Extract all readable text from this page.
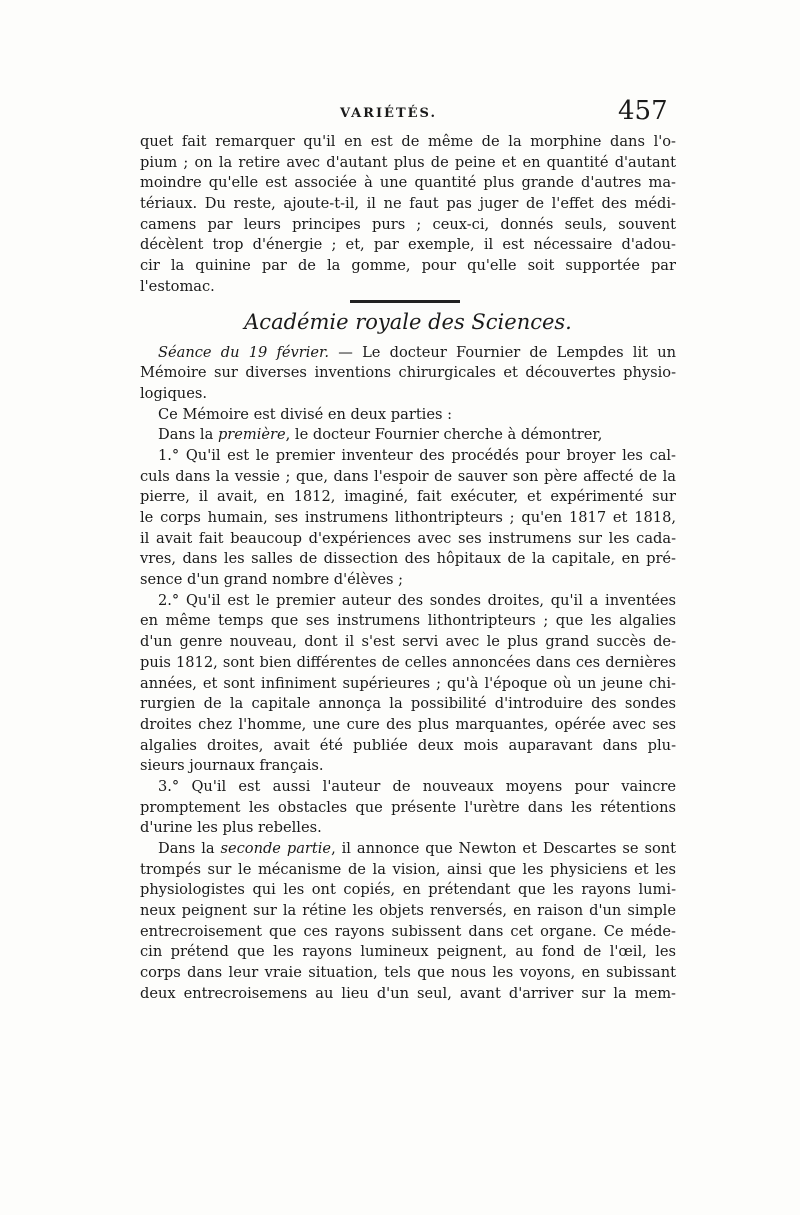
VARIÉTÉS.	457
quet fait remarquer qu'il en est de même de la morphine dans l'o-
pium ; on la retire avec d'autant plus de peine et en quantité d'autant
moindre qu'elle est associée à une quantité plus grande d'autres ma-
tériaux. Du reste, ajoute-t-il, il ne faut pas juger de l'effet des médi-
camens par leurs principes purs ; ceux-ci, donnés seuls, souvent
décèlent trop d'énergie ; et, par exemple, il est nécessaire d'adou-
cir la quinine par de la gomme, pour qu'elle soit supportée par
l'estomac.
Académie royale des Sciences.
Séance du 19 février. — Le docteur Fournier de Lempdes lit un
Mémoire sur diverses inventions chirurgicales et découvertes physio-
logiques.
Ce Mémoire est divisé en deux parties :
Dans la première, le docteur Fournier cherche à démontrer,
1.° Qu'il est le premier inventeur des procédés pour broyer les cal-
culs dans la vessie ; que, dans l'espoir de sauver son père affecté de la
pierre, il avait, en 1812, imaginé, fait exécuter, et expérimenté sur
le corps humain, ses instrumens lithontripteurs ; qu'en 1817 et 1818,
il avait fait beaucoup d'expériences avec ses instrumens sur les cada-
vres, dans les salles de dissection des hôpitaux de la capitale, en pré-
sence d'un grand nombre d'élèves ;
2.° Qu'il est le premier auteur des sondes droites, qu'il a inventées
en même temps que ses instrumens lithontripteurs ; que les algalies
d'un genre nouveau, dont il s'est servi avec le plus grand succès de-
puis 1812, sont bien différentes de celles annoncées dans ces dernières
années, et sont infiniment supérieures ; qu'à l'époque où un jeune chi-
rurgien de la capitale annonça la possibilité d'introduire des sondes
droites chez l'homme, une cure des plus marquantes, opérée avec ses
algalies droites, avait été publiée deux mois auparavant dans plu-
sieurs journaux français.
3.° Qu'il est aussi l'auteur de nouveaux moyens pour vaincre
promptement les obstacles que présente l'urètre dans les rétentions
d'urine les plus rebelles.
Dans la seconde partie, il annonce que Newton et Descartes se sont
trompés sur le mécanisme de la vision, ainsi que les physiciens et les
physiologistes qui les ont copiés, en prétendant que les rayons lumi-
neux peignent sur la rétine les objets renversés, en raison d'un simple
entrecroisement que ces rayons subissent dans cet organe. Ce méde-
cin prétend que les rayons lumineux peignent, au fond de l'œil, les
corps dans leur vraie situation, tels que nous les voyons, en subissant
deux entrecroisemens au lieu d'un seul, avant d'arriver sur la mem-
